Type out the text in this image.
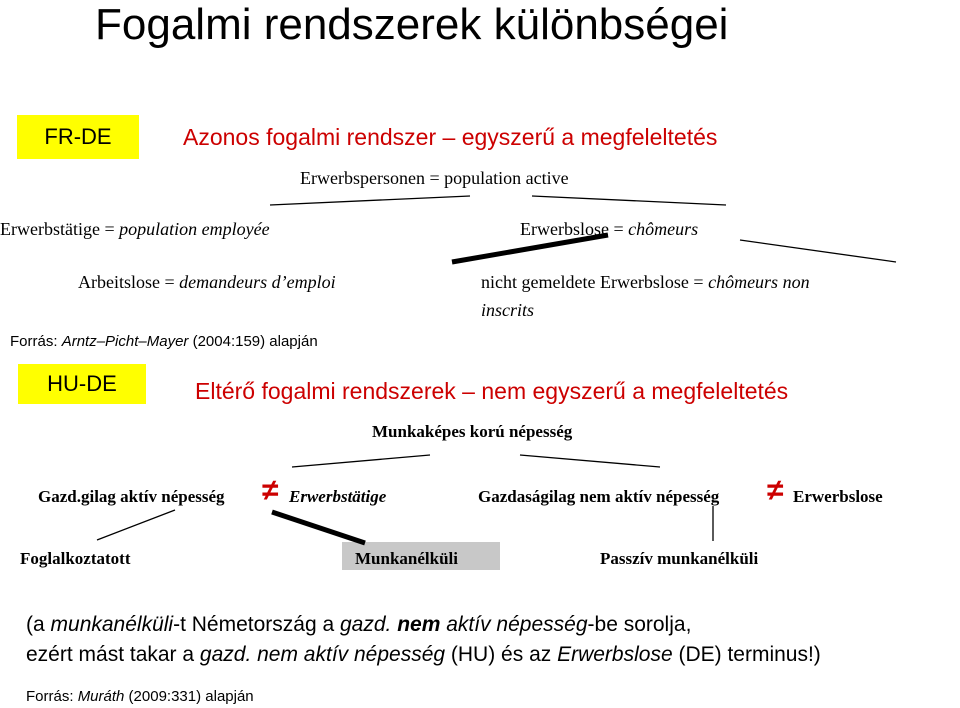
Fogalmi rendszerek különbségei
FR-DE	Azonos fogalmi rendszer – egyszerű a megfeleltetés
Erwerbspersonen = population active
Erwerbstätige = population employée	Erwerbslose = chômeurs
Arbeitslose = demandeurs d’emploi	nicht gemeldete Erwerbslose = chômeurs non
inscrits
Forrás: Arntz–Picht–Mayer (2004:159) alapján
HU-DE	Eltérő fogalmi rendszerek – nem egyszerű a megfeleltetés
Munkaképes korú népesség
Gazd.gilag aktív népesség ≠ Erwerbstätige	Gazdaságilag nem aktív népesség ≠ Erwerbslose
Foglalkoztatott	Munkanélküli	Passzív munkanélküli
(a munkanélküli-t Németország a gazd. nem aktív népesség-be sorolja,
ezért mást takar a gazd. nem aktív népesség (HU) és az Erwerbslose (DE) terminus!)
Forrás: Muráth (2009:331) alapján
